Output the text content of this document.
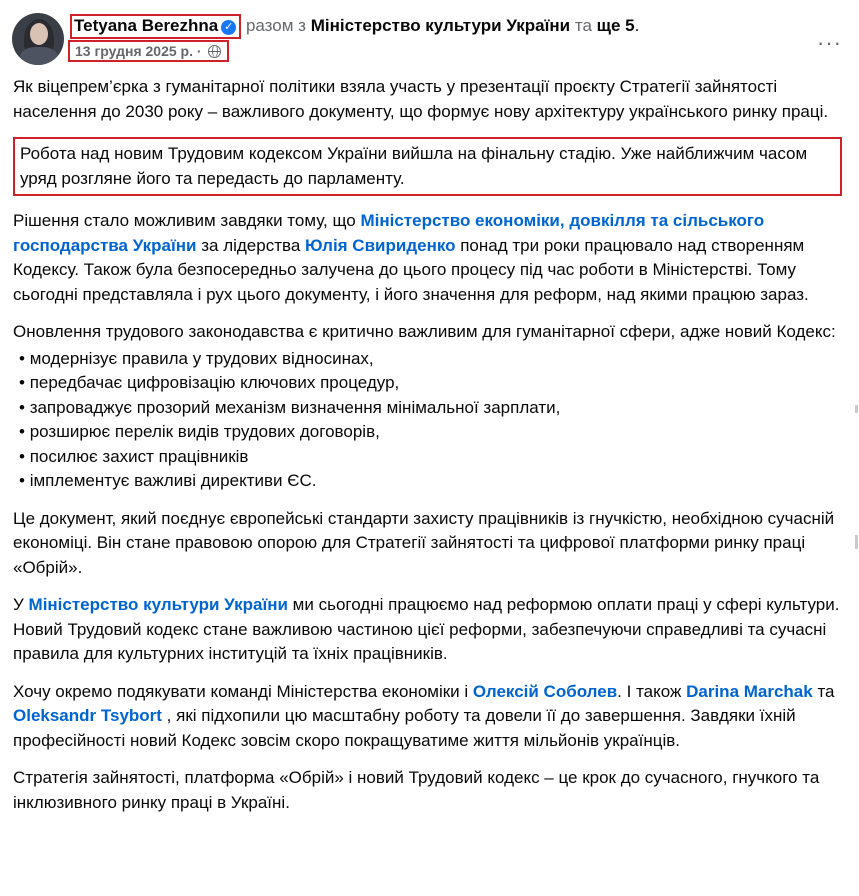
Tetyana Berezhna ✓ разом з Міністерство культури України та ще 5.
13 грудня 2025 р. ·	···

Як віцепрем’єрка з гуманітарної політики взяла участь у презентації проєкту Стратегії зайнятості населення до 2030 року – важливого документу, що формує нову архітектуру українського ринку праці.

Робота над новим Трудовим кодексом України вийшла на фінальну стадію. Уже найближчим часом уряд розгляне його та передасть до парламенту.

Рішення стало можливим завдяки тому, що Міністерство економіки, довкілля та сільського господарства України за лідерства Юлія Свириденко понад три роки працювало над створенням Кодексу. Також була безпосередньо залучена до цього процесу під час роботи в Міністерстві. Тому сьогодні представляла і рух цього документу, і його значення для реформ, над якими працюю зараз.

Оновлення трудового законодавства є критично важливим для гуманітарної сфери, адже новий Кодекс:

• модернізує правила у трудових відносинах,
• передбачає цифровізацію ключових процедур,
• запроваджує прозорий механізм визначення мінімальної зарплати,
• розширює перелік видів трудових договорів,
• посилює захист працівників
• імплементує важливі директиви ЄС.

Це документ, який поєднує європейські стандарти захисту працівників із гнучкістю, необхідною сучасній економіці. Він стане правовою опорою для Стратегії зайнятості та цифрової платформи ринку праці «Обрій».

У Міністерство культури України ми сьогодні працюємо над реформою оплати праці у сфері культури. Новий Трудовий кодекс стане важливою частиною цієї реформи, забезпечуючи справедливі та сучасні правила для культурних інституцій та їхніх працівників.

Хочу окремо подякувати команді Міністерства економіки і Олексій Соболев. І також Darina Marchak та Oleksandr Tsybort , які підхопили цю масштабну роботу та довели її до завершення. Завдяки їхній професійності новий Кодекс зовсім скоро покращуватиме життя мільйонів українців.

Стратегія зайнятості, платформа «Обрій» і новий Трудовий кодекс – це крок до сучасного, гнучкого та інклюзивного ринку праці в Україні.
